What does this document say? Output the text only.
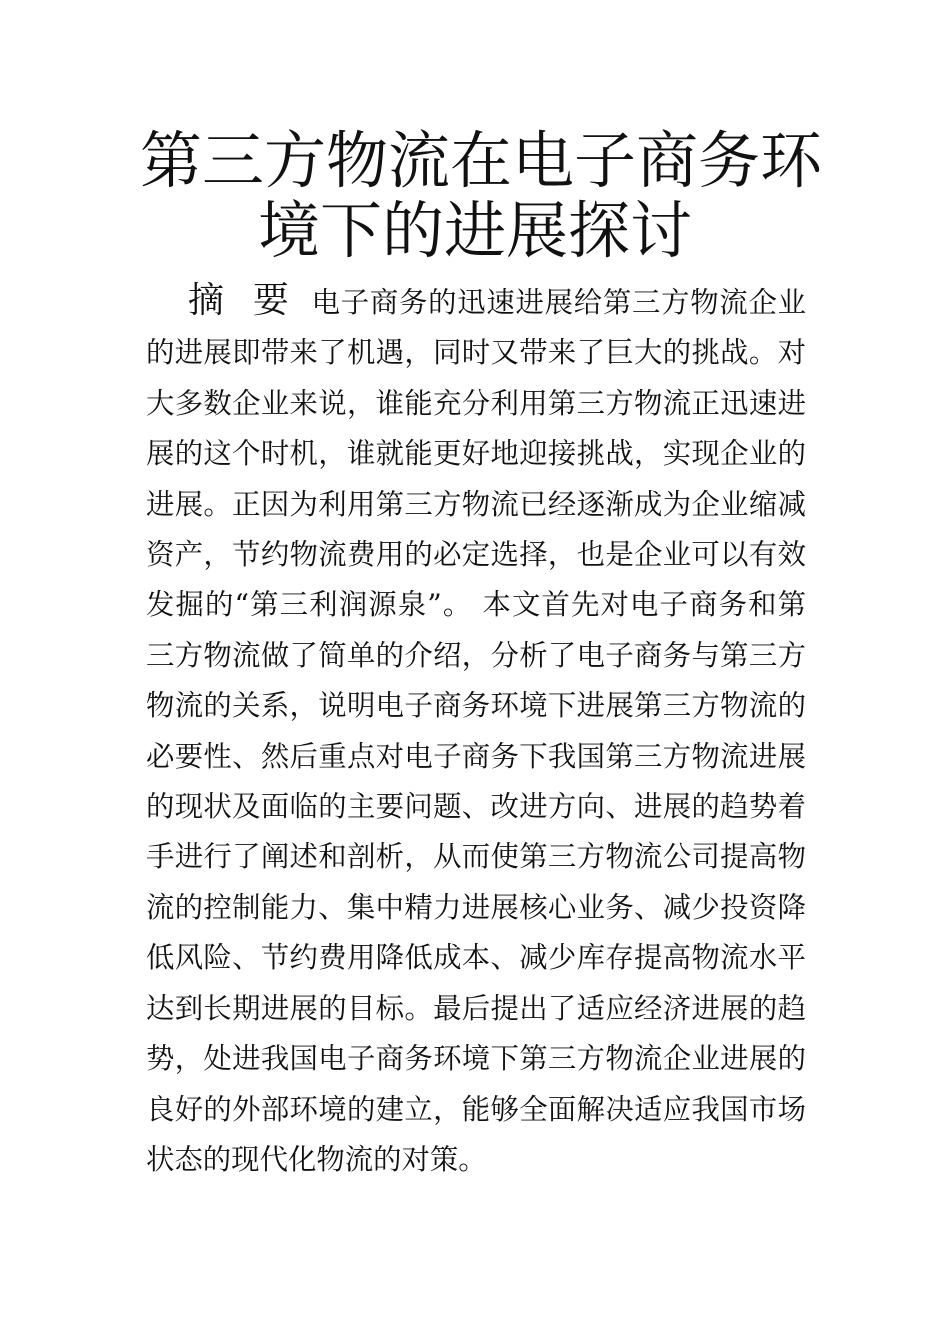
第三方物流在电子商务环
境下的进展探讨

摘 要 电子商务的迅速进展给第三方物流企业的进展即带来了机遇，同时又带来了巨大的挑战。对大多数企业来说，谁能充分利用第三方物流正迅速进展的这个时机，谁就能更好地迎接挑战，实现企业的进展。正因为利用第三方物流已经逐渐成为企业缩减资产，节约物流费用的必定选择，也是企业可以有效发掘的“第三利润源泉”。 本文首先对电子商务和第三方物流做了简单的介绍，分析了电子商务与第三方物流的关系，说明电子商务环境下进展第三方物流的必要性、然后重点对电子商务下我国第三方物流进展的现状及面临的主要问题、改进方向、进展的趋势着手进行了阐述和剖析，从而使第三方物流公司提高物流的控制能力、集中精力进展核心业务、减少投资降低风险、节约费用降低成本、减少库存提高物流水平达到长期进展的目标。最后提出了适应经济进展的趋势，处进我国电子商务环境下第三方物流企业进展的良好的外部环境的建立，能够全面解决适应我国市场状态的现代化物流的对策。
